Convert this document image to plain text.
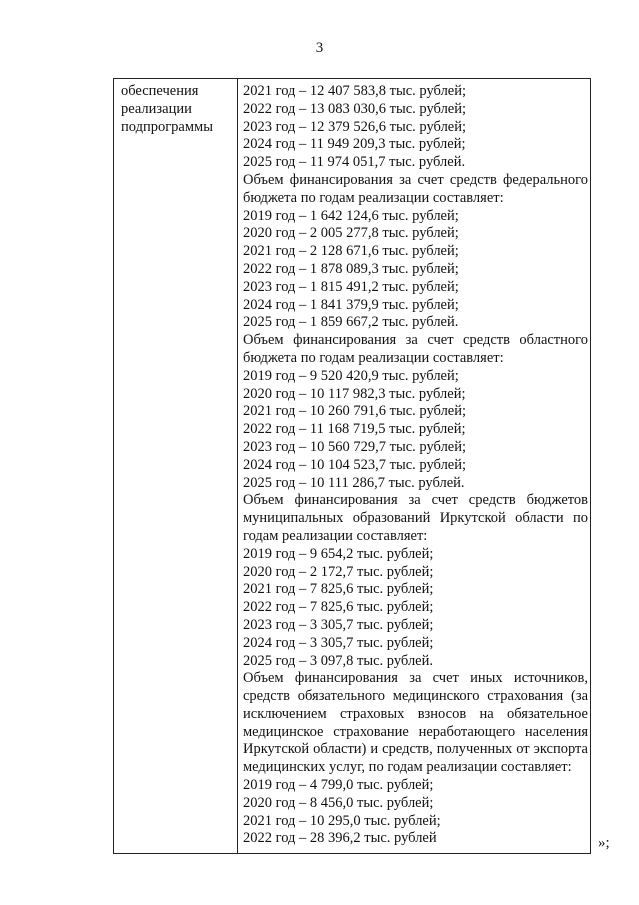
3
обеспечения
реализации
подпрограммы
2021 год – 12 407 583,8 тыс. рублей;
2022 год – 13 083 030,6 тыс. рублей;
2023 год – 12 379 526,6 тыс. рублей;
2024 год – 11 949 209,3 тыс. рублей;
2025 год – 11 974 051,7 тыс. рублей.
Объем финансирования за счет средств федерального бюджета по годам реализации составляет:
2019 год – 1 642 124,6 тыс. рублей;
2020 год – 2 005 277,8 тыс. рублей;
2021 год – 2 128 671,6 тыс. рублей;
2022 год – 1 878 089,3 тыс. рублей;
2023 год – 1 815 491,2 тыс. рублей;
2024 год – 1 841 379,9 тыс. рублей;
2025 год – 1 859 667,2 тыс. рублей.
Объем финансирования за счет средств областного бюджета по годам реализации составляет:
2019 год – 9 520 420,9 тыс. рублей;
2020 год – 10 117 982,3 тыс. рублей;
2021 год – 10 260 791,6 тыс. рублей;
2022 год – 11 168 719,5 тыс. рублей;
2023 год – 10 560 729,7 тыс. рублей;
2024 год – 10 104 523,7 тыс. рублей;
2025 год – 10 111 286,7 тыс. рублей.
Объем финансирования за счет средств бюджетов муниципальных образований Иркутской области по годам реализации составляет:
2019 год – 9 654,2 тыс. рублей;
2020 год – 2 172,7 тыс. рублей;
2021 год – 7 825,6 тыс. рублей;
2022 год – 7 825,6 тыс. рублей;
2023 год – 3 305,7 тыс. рублей;
2024 год – 3 305,7 тыс. рублей;
2025 год – 3 097,8 тыс. рублей.
Объем финансирования за счет иных источников, средств обязательного медицинского страхования (за исключением страховых взносов на обязательное медицинское страхование неработающего населения Иркутской области) и средств, полученных от экспорта медицинских услуг, по годам реализации составляет:
2019 год – 4 799,0 тыс. рублей;
2020 год – 8 456,0 тыс. рублей;
2021 год – 10 295,0 тыс. рублей;
2022 год – 28 396,2 тыс. рублей	»;
